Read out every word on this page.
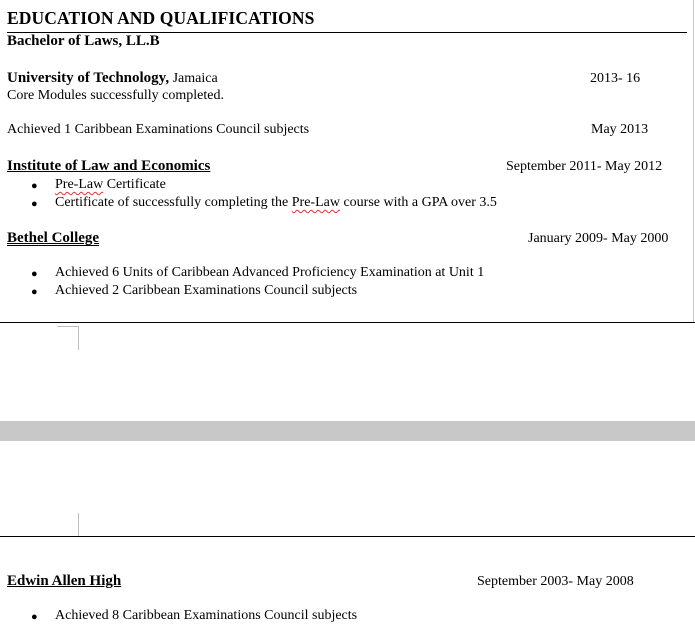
EDUCATION AND QUALIFICATIONS
Bachelor of Laws, LL.B
University of Technology, Jamaica	2013- 16
Core Modules successfully completed.
Achieved 1 Caribbean Examinations Council subjects	May 2013
Institute of Law and Economics	September 2011- May 2012
● Pre-Law Certificate
● Certificate of successfully completing the Pre-Law course with a GPA over 3.5
Bethel College	January 2009- May 2000
● Achieved 6 Units of Caribbean Advanced Proficiency Examination at Unit 1
● Achieved 2 Caribbean Examinations Council subjects
Edwin Allen High	September 2003- May 2008
● Achieved 8 Caribbean Examinations Council subjects
